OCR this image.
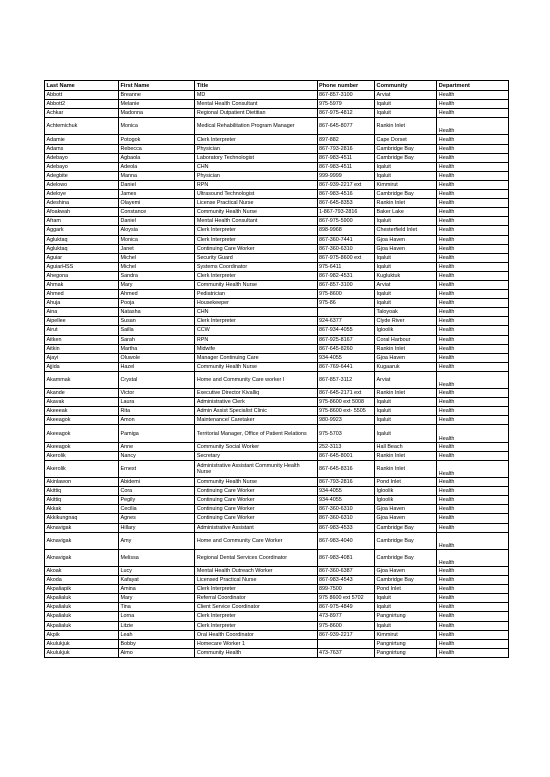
Last Name	First Name	Title	Phone number	Community	Department
Abbott	Breanne	MD	867-857-3100	Arviat	Health
Abbott2	Melanie	Mental Health Consultant	975-5979	Iqaluit	Health
Achkar	Madonna	Regional Outpatient Dietitian	867-975-4812	Iqaluit	Health
Achtemichuk	Monica	Medical Rehabilitation Program Manager	867-645-8077	Rankin Inlet	Health
Adamie	Potogok	Clerk Interpreter	897-882	Cape Dorset	Health
Adams	Rebecca	Physician	867-793-2816	Cambridge Bay	Health
Adebayo	Agbaola	Laboratory Technologist	867-983-4511	Cambridge Bay	Health
Adebayo	Adeola	CHN	867-983-4511	Iqaluit	Health
Adegbite	Manna	Physician	999-9999	Iqaluit	Health
Adelowo	Daniel	RPN	867-939-2217 ext	Kimmirut	Health
Adeloye	James	Ultrasound Technologist	867-983-4516	Cambridge Bay	Health
Adeshina	Olayemi	License Practical Nurse	867-645-8353	Rankin Inlet	Health
Afoakwah	Constance	Community Health Nurse	1-867-793-2816	Baker Lake	Health
Afram	Daniel	Mental Health Consultant	867-975-5900	Iqaluit	Health
Aggark	Aloysia	Clerk Interpreter	898-9968	Chesterfield Inlet	Health
Agluktaq	Monica	Clerk Interpreter	867-360-7441	Gjoa Haven	Health
Agluktaq	Janet	Continuing Care Worker	867-360-6310	Gjoa Haven	Health
Aguiar	Michel	Security Guard	867-975-8600 ext	Iqaluit	Health
AguiarHSS	Michel	Systems Coordinator	975-6411	Iqaluit	Health
Ahegona	Sandra	Clerk Interpreter	867-982-4531	Kugluktuk	Health
Ahmak	Mary	Community Health Nurse	867-857-3100	Arviat	Health
Ahmed	Ahmed	Pediatrician	975-8600	Iqaluit	Health
Ahuja	Pooja	Housekeeper	975-86	Iqaluit	Health
Aina	Natasha	CHN		Taloyoak	Health
Aipellee	Susan	Clerk Interpreter	924-6377	Clyde River	Health
Airut	Sailla	CCW	867-934-4055	Igloolik	Health
Aitken	Sarah	RPN	867-925-8167	Coral Harbour	Health
Aitkin	Martha	Midwife	867-645-8260	Rankin Inlet	Health
Ajayi	Oluwole	Manager Continuing Care	934-4055	Gjoa Haven	Health
Ajjida	Hazel	Community Health Nurse	867-769-6441	Kugaaruk	Health
Akammak	Crystal	Home and Community Care worker I	867-857-3112	Arviat	Health
Akande	Victor	Executive Director Kivalliq	867-645-2171 ext	Rankin Inlet	Health
Akavak	Laura	Administrative Clerk	975-8600 ext 5008	Iqaluit	Health
Akeeeak	Rita	Admin Assist Specialist Clinic	975-8600 ext- 5505	Iqaluit	Health
Akeeagok	Amon	Maintenance/ Caretaker	980-9923	Iqaluit	Health
Akeeagok	Pamiga	Territorial Manager, Office of Patient Relations	975-5703	Iqaluit	Health
Akeeagok	Anne	Community Social Worker	252-3113	Hall Beach	Health
Akerolik	Nancy	Secretary	867-645-8001	Rankin Inlet	Health
Akerolik	Ernest	Administrative Assistant Community Health Nurse	867-645-8316	Rankin Inlet	Health
Akinlawon	Abidemi	Community Health Nurse	867-793-2816	Pond Inlet	Health
Akittiq	Cora	Continuing Care Worker	934-4055	Igloolik	Health
Akittiq	Pegily	Continuing Care Worker	934-4055	Igloolik	Health
Akkak	Cecilia	Continuing Care Worker	867-360-6310	Gjoa Haven	Health
Akkikungnaq	Agnes	Continuing Care Worker	867-360-6310	Gjoa Haven	Health
Aknavigak	Hillary	Administrative Assistant	867-983-4533	Cambridge Bay	Health
Aknavigak	Amy	Home and Community Care Worker	867-983-4040	Cambridge Bay	Health
Aknavigak	Melissa	Regional Dental Services Coordinator	867-983-4081	Cambridge Bay	Health
Akoak	Lucy	Mental Health Outreach Worker	867-360-6387	Gjoa Haven	Health
Akoda	Kafayat	Licensed Practical Nurse	867-983-4543	Cambridge Bay	Health
Akpaliapik	Amina	Clerk Interpreter	899-7500	Pond Inlet	Health
Akpalialuk	Mary	Referral Coordinator	975 8600 ext 5702	Iqaluit	Health
Akpalialuk	Tina	Client Service Coordinator	867-975-4849	Iqaluit	Health
Akpalialuk	Lorna	Clerk Interpreter	473-8977	Pangnirtung	Health
Akpalialuk	Litzie	Clerk Interpreter	975-8600	Iqaluit	Health
Akpik	Leah	Oral Health Coordinator	867-939-2217	Kimmirut	Health
Akulukjuk	Bobby	Homecare Worker 1		Pangnirtung	Health
Akulukjuk	Aimo	Community Health	473-7637	Pangnirtung	Health
